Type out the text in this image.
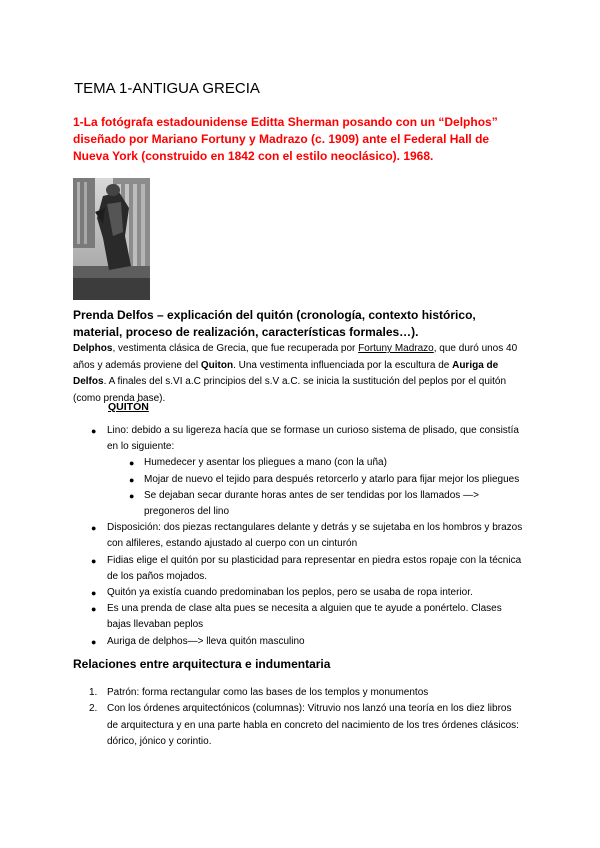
TEMA 1-ANTIGUA GRECIA

1-La fotógrafa estadounidense Editta Sherman posando con un “Delphos” diseñado por Mariano Fortuny y Madrazo (c. 1909) ante el Federal Hall de Nueva York (construido en 1842 con el estilo neoclásico). 1968.

Prenda Delfos – explicación del quitón (cronología, contexto histórico, material, proceso de realización, características formales…).

Delphos, vestimenta clásica de Grecia, que fue recuperada por Fortuny Madrazo, que duró unos 40 años y además proviene del Quiton. Una vestimenta influenciada por la escultura de Auriga de Delfos. A finales del s.VI a.C principios del s.V a.C. se inicia la sustitución del peplos por el quitón (como prenda base).

QUITÓN

● Lino: debido a su ligereza hacía que se formase un curioso sistema de plisado, que consistía en lo siguiente:
● Humedecer y asentar los pliegues a mano (con la uña)
● Mojar de nuevo el tejido para después retorcerlo y atarlo para fijar mejor los pliegues
● Se dejaban secar durante horas antes de ser tendidas por los llamados —> pregoneros del lino
● Disposición: dos piezas rectangulares delante y detrás y se sujetaba en los hombros y brazos con alfileres, estando ajustado al cuerpo con un cinturón
● Fidias elige el quitón por su plasticidad para representar en piedra estos ropaje con la técnica de los paños mojados.
● Quitón ya existía cuando predominaban los peplos, pero se usaba de ropa interior.
● Es una prenda de clase alta pues se necesita a alguien que te ayude a ponértelo. Clases bajas llevaban peplos
● Auriga de delphos—> lleva quitón masculino

Relaciones entre arquitectura e indumentaria

1. Patrón: forma rectangular como las bases de los templos y monumentos
2. Con los órdenes arquitectónicos (columnas): Vitruvio nos lanzó una teoría en los diez libros de arquitectura y en una parte habla en concreto del nacimiento de los tres órdenes clásicos: dórico, jónico y corintio.
